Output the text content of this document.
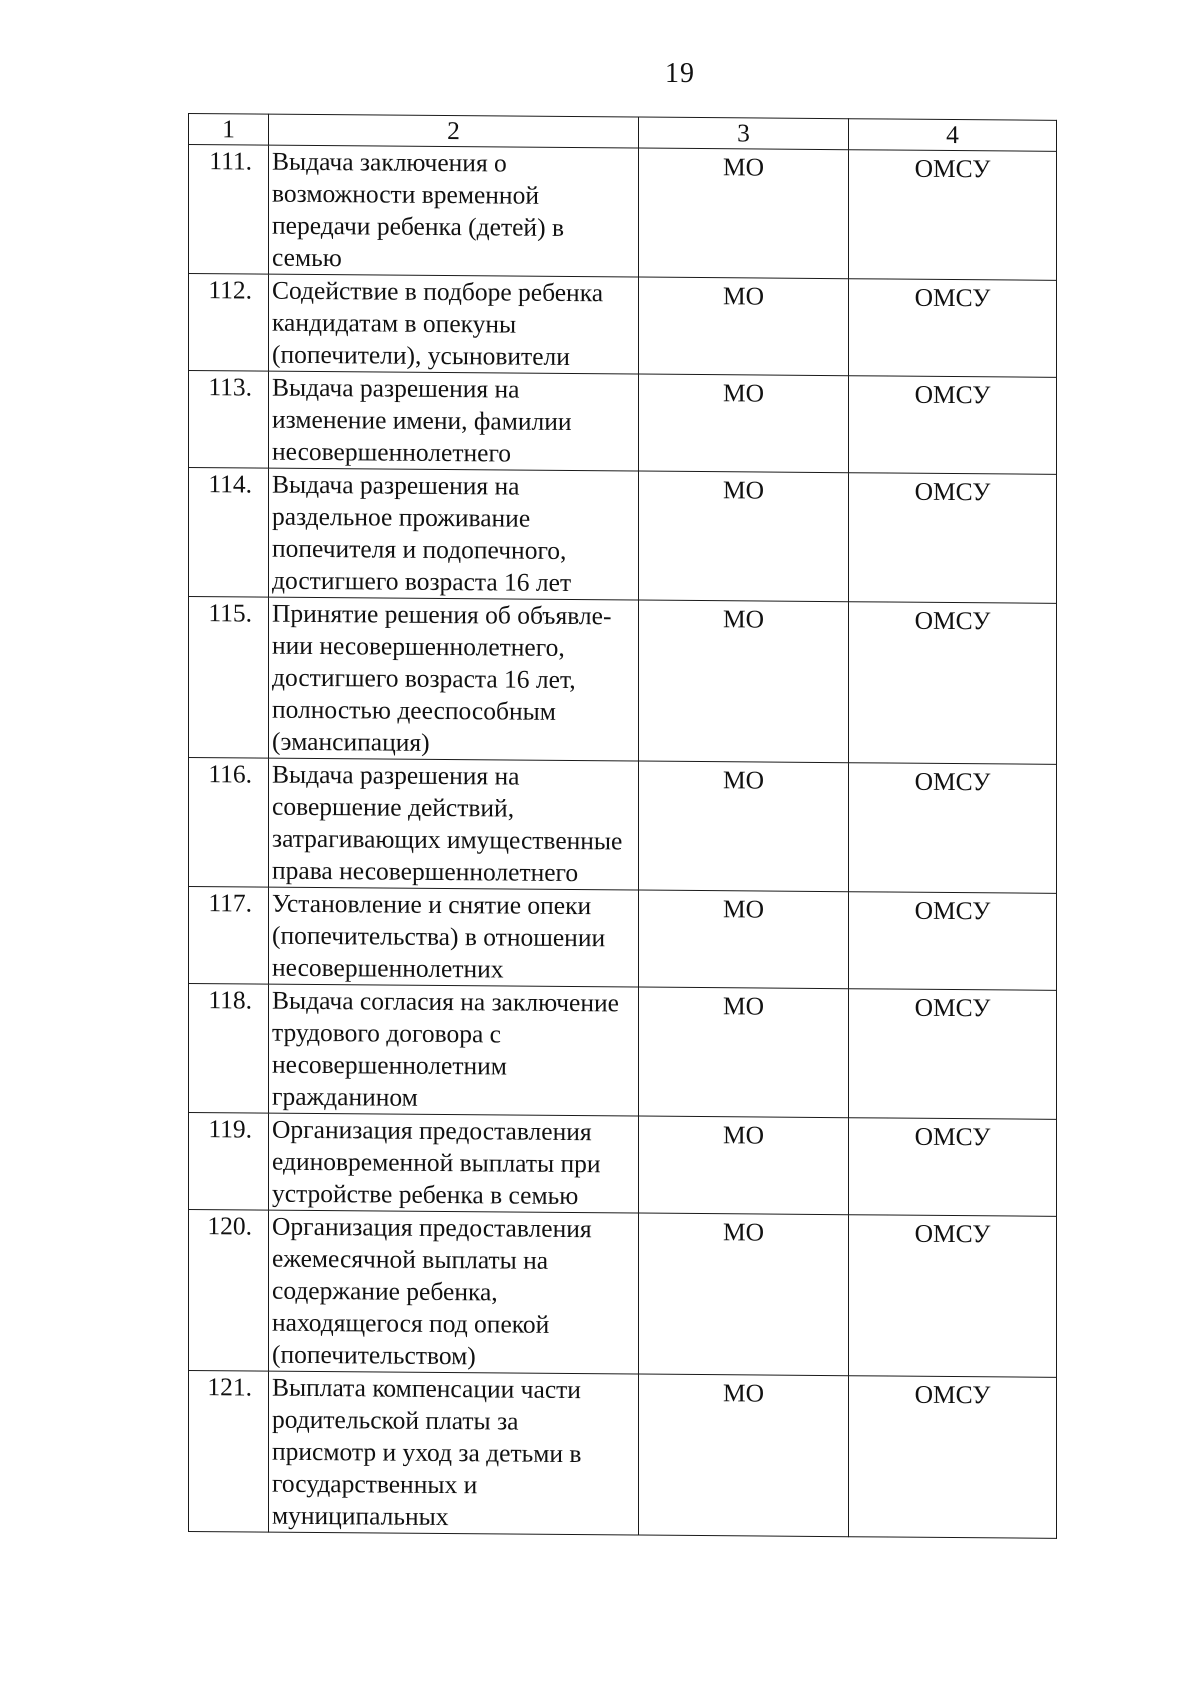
19
1	2	3	4
111.	Выдача заключения о
возможности временной
передачи ребенка (детей) в
семью	МО	ОМСУ
112.	Содействие в подборе ребенка
кандидатам в опекуны
(попечители), усыновители	МО	ОМСУ
113.	Выдача разрешения на
изменение имени, фамилии
несовершеннолетнего	МО	ОМСУ
114.	Выдача разрешения на
раздельное проживание
попечителя и подопечного,
достигшего возраста 16 лет	МО	ОМСУ
115.	Принятие решения об объявле-
нии несовершеннолетнего,
достигшего возраста 16 лет,
полностью дееспособным
(эмансипация)	МО	ОМСУ
116.	Выдача разрешения на
совершение действий,
затрагивающих имущественные
права несовершеннолетнего	МО	ОМСУ
117.	Установление и снятие опеки
(попечительства) в отношении
несовершеннолетних	МО	ОМСУ
118.	Выдача согласия на заключение
трудового договора с
несовершеннолетним
гражданином	МО	ОМСУ
119.	Организация предоставления
единовременной выплаты при
устройстве ребенка в семью	МО	ОМСУ
120.	Организация предоставления
ежемесячной выплаты на
содержание ребенка,
находящегося под опекой
(попечительством)	МО	ОМСУ
121.	Выплата компенсации части
родительской платы за
присмотр и уход за детьми в
государственных и
муниципальных	МО	ОМСУ
